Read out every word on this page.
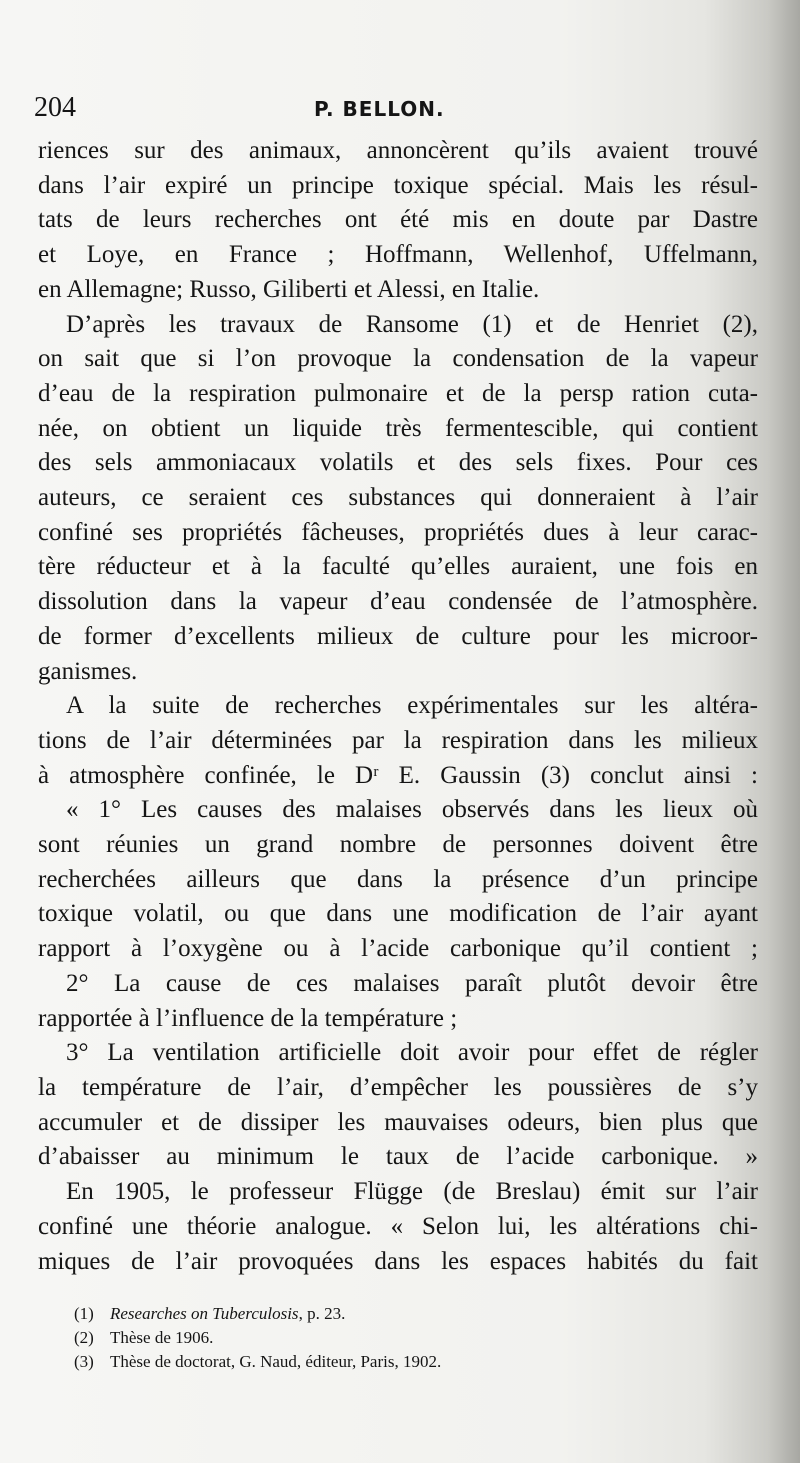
204	P. BELLON.

riences sur des animaux, annoncèrent qu’ils avaient trouvé

dans l’air expiré un principe toxique spécial. Mais les résul-

tats de leurs recherches ont été mis en doute par Dastre

et Loye, en France ; Hoffmann, Wellenhof, Uffelmann,

en Allemagne; Russo, Giliberti et Alessi, en Italie.

D’après les travaux de Ransome (1) et de Henriet (2),

on sait que si l’on provoque la condensation de la vapeur

d’eau de la respiration pulmonaire et de la persp ration cuta-

née, on obtient un liquide très fermentescible, qui contient

des sels ammoniacaux volatils et des sels fixes. Pour ces

auteurs, ce seraient ces substances qui donneraient à l’air

confiné ses propriétés fâcheuses, propriétés dues à leur carac-

tère réducteur et à la faculté qu’elles auraient, une fois en

dissolution dans la vapeur d’eau condensée de l’atmosphère.

de former d’excellents milieux de culture pour les microor-

ganismes.

A la suite de recherches expérimentales sur les altéra-

tions de l’air déterminées par la respiration dans les milieux

à atmosphère confinée, le Dʳ E. Gaussin (3) conclut ainsi :

« 1° Les causes des malaises observés dans les lieux où

sont réunies un grand nombre de personnes doivent être

recherchées ailleurs que dans la présence d’un principe

toxique volatil, ou que dans une modification de l’air ayant

rapport à l’oxygène ou à l’acide carbonique qu’il contient ;

2° La cause de ces malaises paraît plutôt devoir être

rapportée à l’influence de la température ;

3° La ventilation artificielle doit avoir pour effet de régler

la température de l’air, d’empêcher les poussières de s’y

accumuler et de dissiper les mauvaises odeurs, bien plus que

d’abaisser au minimum le taux de l’acide carbonique. »

En 1905, le professeur Flügge (de Breslau) émit sur l’air

confiné une théorie analogue. « Selon lui, les altérations chi-

miques de l’air provoquées dans les espaces habités du fait

(1) Researches on Tuberculosis, p. 23.

(2) Thèse de 1906.

(3) Thèse de doctorat, G. Naud, éditeur, Paris, 1902.
